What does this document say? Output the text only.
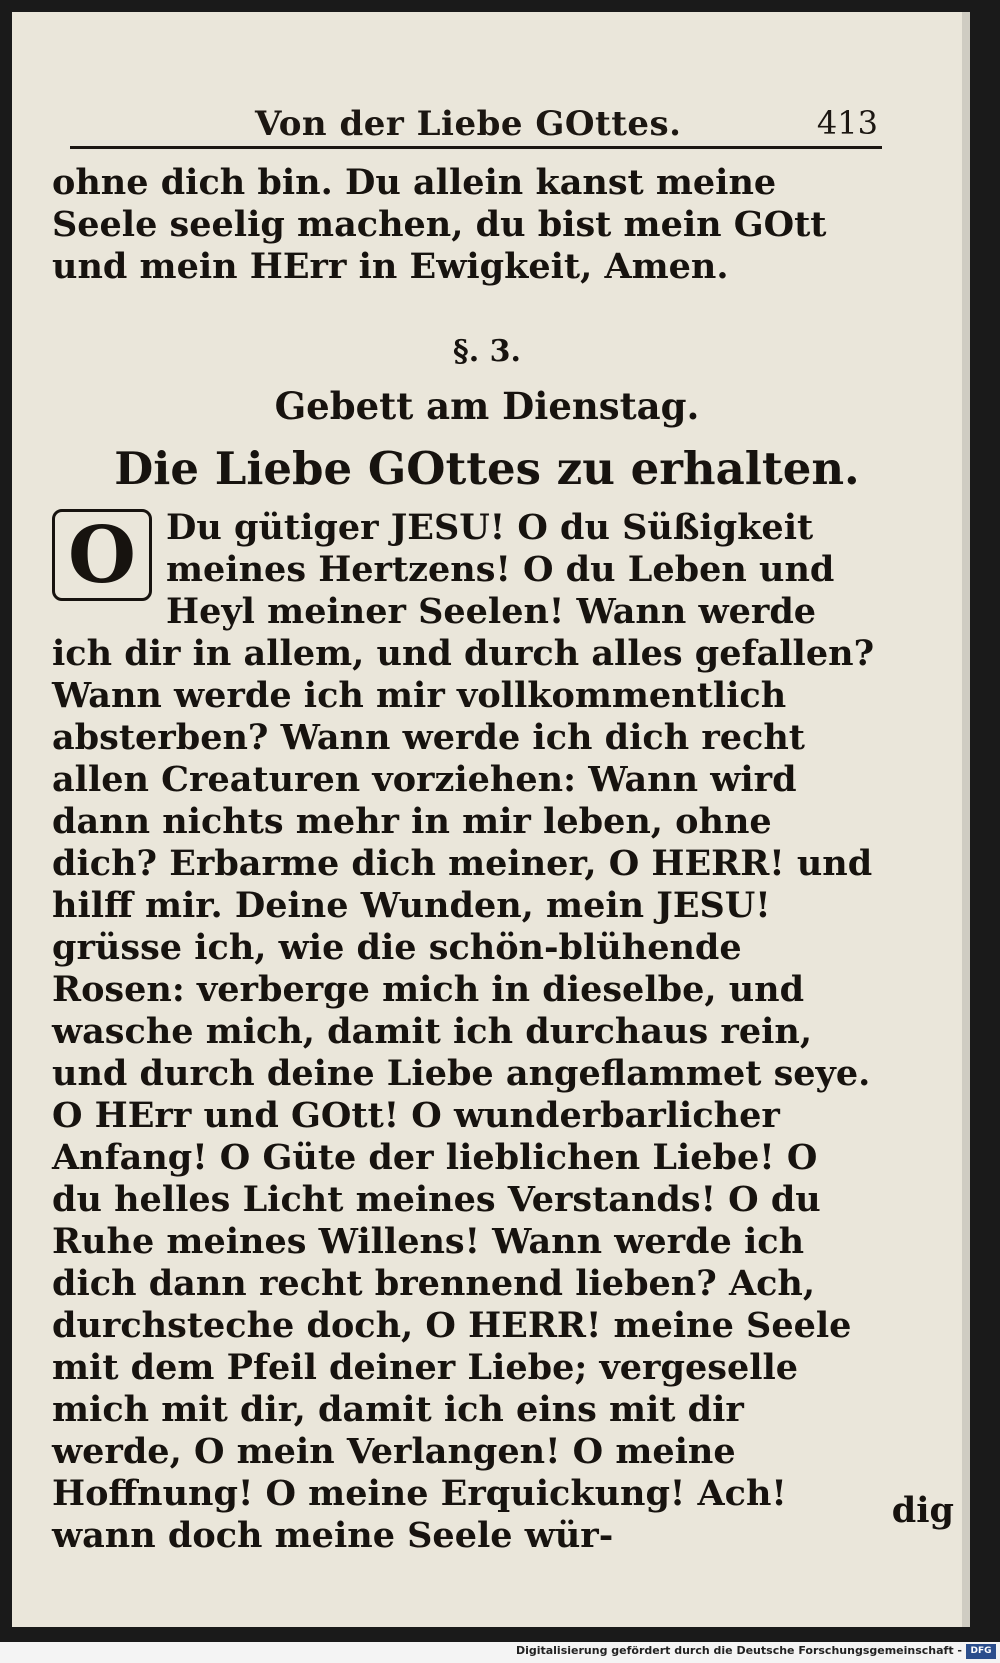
Von der Liebe GOttes.	413
ohne dich bin. Du allein kanst meine Seele seelig machen, du bist mein GOtt und mein HErr in Ewigkeit, Amen.
§. 3.
Gebett am Dienstag.
Die Liebe GOttes zu erhalten.
O Du gütiger JESU! O du Süßigkeit meines Hertzens! O du Leben und Heyl meiner Seelen! Wann werde ich dir in allem, und durch alles gefallen? Wann werde ich mir vollkommentlich absterben? Wann werde ich dich recht allen Creaturen vorziehen: Wann wird dann nichts mehr in mir leben, ohne dich? Erbarme dich meiner, O HERR! und hilff mir. Deine Wunden, mein JESU! grüsse ich, wie die schön-blühende Rosen: verberge mich in dieselbe, und wasche mich, damit ich durchaus rein, und durch deine Liebe angeflammet seye. O HErr und GOtt! O wunderbarlicher Anfang! O Güte der lieblichen Liebe! O du helles Licht meines Verstands! O du Ruhe meines Willens! Wann werde ich dich dann recht brennend lieben? Ach, durchsteche doch, O HERR! meine Seele mit dem Pfeil deiner Liebe; vergeselle mich mit dir, damit ich eins mit dir werde, O mein Verlangen! O meine Hoffnung! O meine Erquickung! Ach! wann doch meine Seele wür-
dig
Digitalisierung gefördert durch die Deutsche Forschungsgemeinschaft - DFG
